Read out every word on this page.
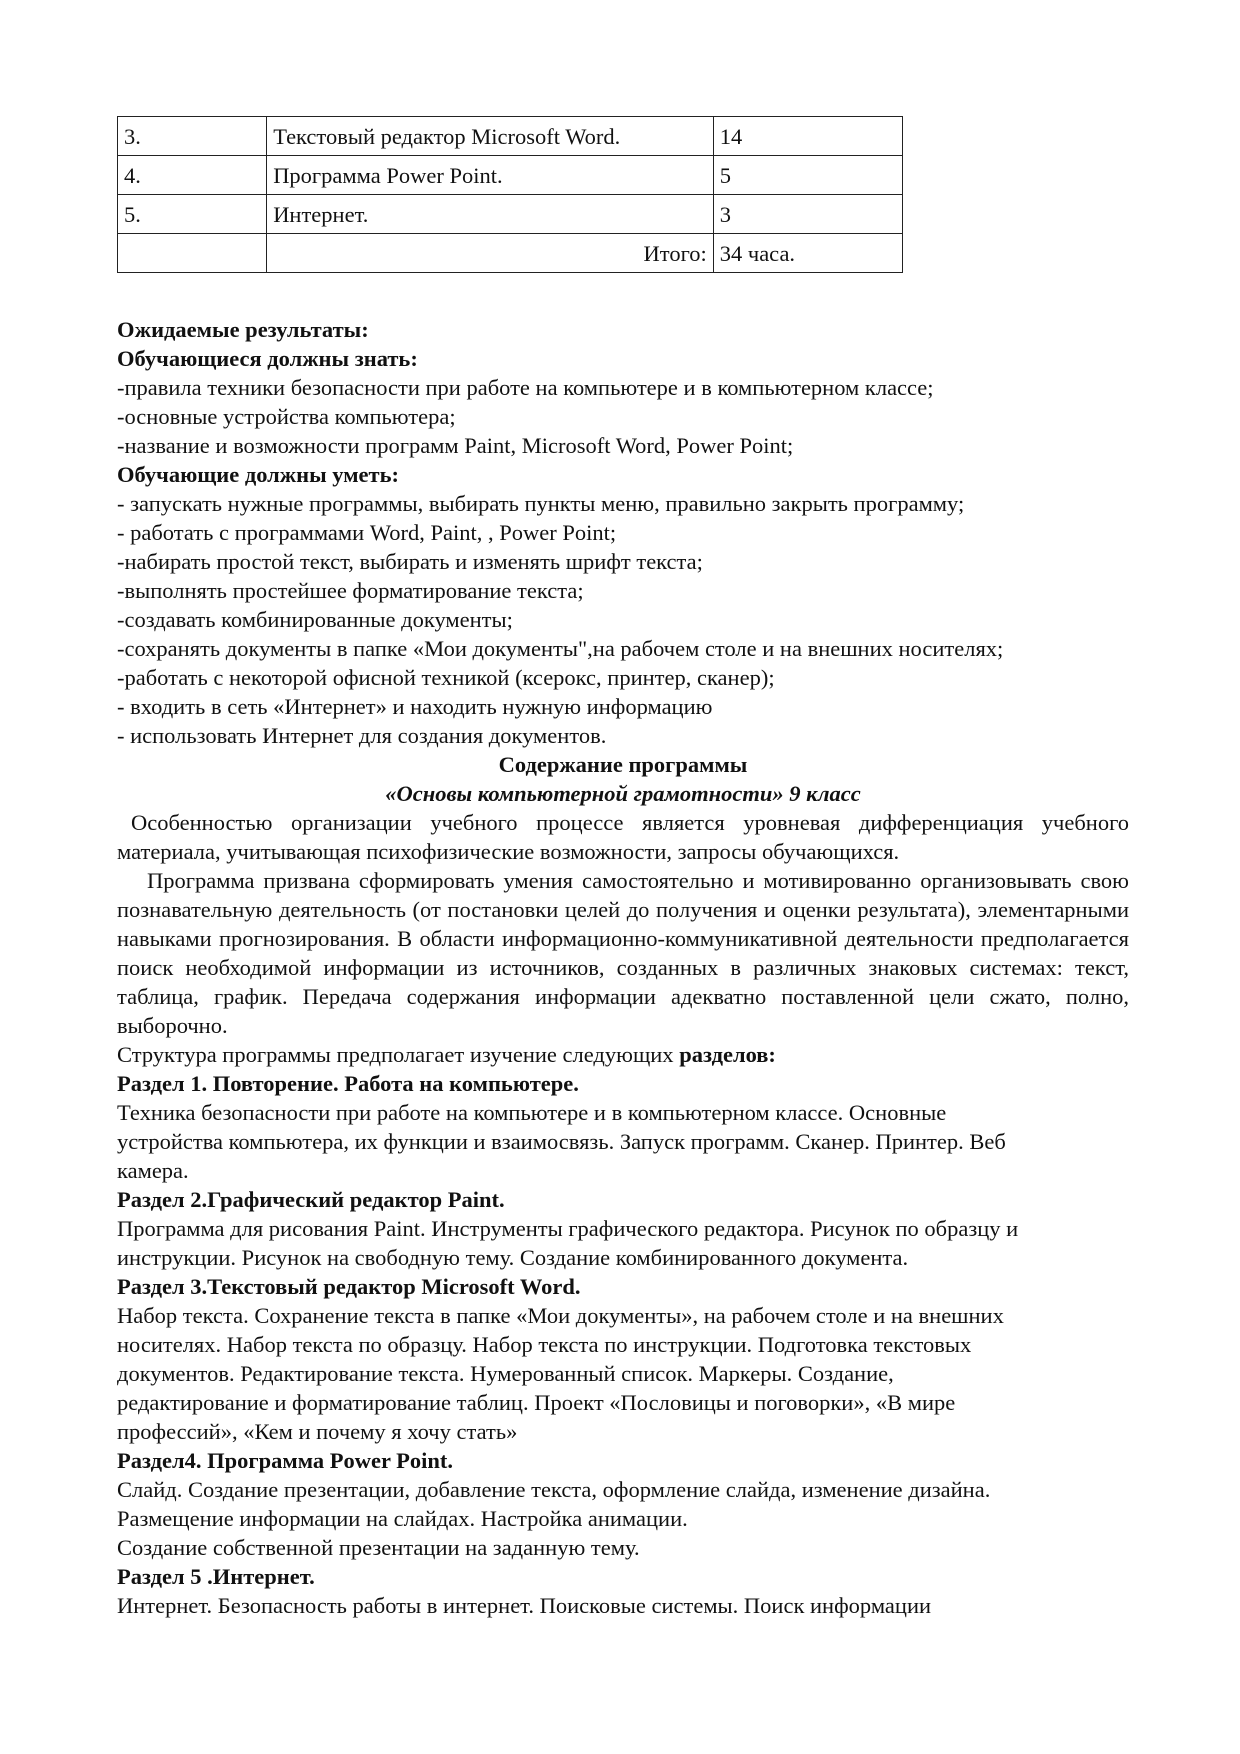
3.	Текстовый редактор Microsoft Word.	14
4.	Программа Power Point.	5
5.	Интернет.	3
	Итого:	34 часа.

Ожидаемые результаты:

Обучающиеся должны знать:

-правила техники безопасности при работе на компьютере и в компьютерном классе;

-основные устройства компьютера;

-название и возможности программ Paint, Microsoft Word, Power Point;

Обучающие должны уметь:

- запускать нужные программы, выбирать пункты меню, правильно закрыть программу;

- работать с программами Word, Paint, , Power Point;

-набирать простой текст, выбирать и изменять шрифт текста;

-выполнять простейшее форматирование текста;

-создавать комбинированные документы;

-сохранять документы в папке «Мои документы",на рабочем столе и на внешних носителях;

-работать с некоторой офисной техникой (ксерокс, принтер, сканер);

- входить в сеть «Интернет» и находить нужную информацию

- использовать Интернет для создания документов.

Содержание программы

«Основы компьютерной грамотности» 9 класс

Особенностью организации учебного процессе является уровневая дифференциация учебного материала, учитывающая психофизические возможности, запросы обучающихся.

Программа призвана сформировать умения самостоятельно и мотивированно организовывать свою познавательную деятельность (от постановки целей до получения и оценки результата), элементарными навыками прогнозирования. В области информационно-коммуникативной деятельности предполагается поиск необходимой информации из источников, созданных в различных знаковых системах: текст, таблица, график. Передача содержания информации адекватно поставленной цели сжато, полно, выборочно.

Структура программы предполагает изучение следующих разделов:

Раздел 1. Повторение. Работа на компьютере.

Техника безопасности при работе на компьютере и в компьютерном классе. Основные

устройства компьютера, их функции и взаимосвязь. Запуск программ. Сканер. Принтер. Веб

камера.

Раздел 2.Графический редактор Paint.

Программа для рисования Paint. Инструменты графического редактора. Рисунок по образцу и

инструкции. Рисунок на свободную тему. Создание комбинированного документа.

Раздел 3.Текстовый редактор Microsoft Word.

Набор текста. Сохранение текста в папке «Мои документы», на рабочем столе и на внешних

носителях. Набор текста по образцу. Набор текста по инструкции. Подготовка текстовых

документов. Редактирование текста. Нумерованный список. Маркеры. Создание,

редактирование и форматирование таблиц. Проект «Пословицы и поговорки», «В мире

профессий», «Кем и почему я хочу стать»

Раздел4. Программа Power Point.

Слайд. Создание презентации, добавление текста, оформление слайда, изменение дизайна.

Размещение информации на слайдах. Настройка анимации.

Создание собственной презентации на заданную тему.

Раздел 5 .Интернет.

Интернет. Безопасность работы в интернет. Поисковые системы. Поиск информации
